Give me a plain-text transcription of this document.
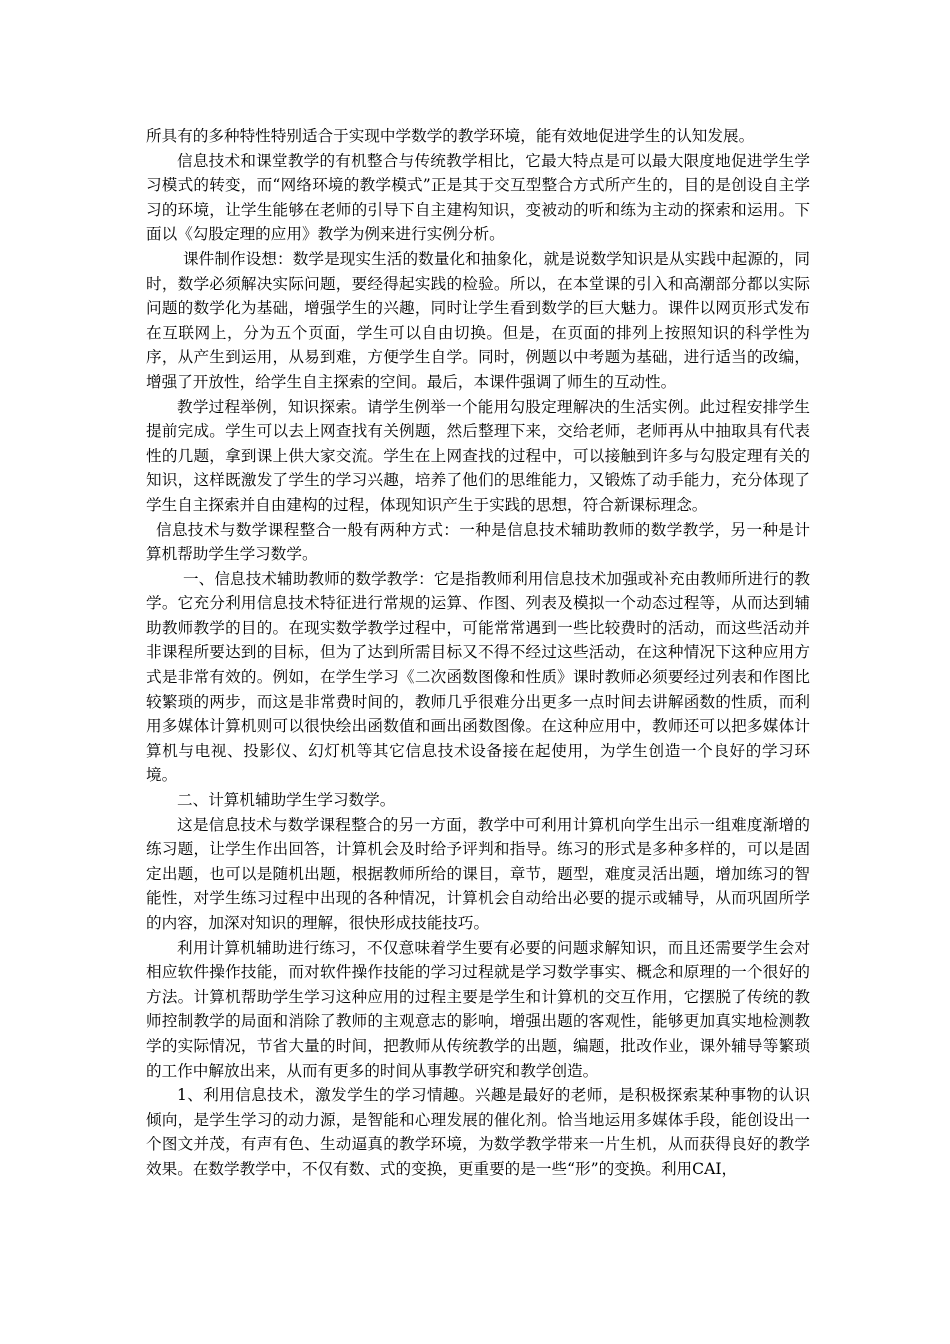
所具有的多种特性特别适合于实现中学数学的教学环境，能有效地促进学生的认知发展。

信息技术和课堂教学的有机整合与传统教学相比，它最大特点是可以最大限度地促进学生学习模式的转变，而“网络环境的教学模式”正是其于交互型整合方式所产生的，目的是创设自主学习的环境，让学生能够在老师的引导下自主建构知识，变被动的听和练为主动的探索和运用。下面以《勾股定理的应用》教学为例来进行实例分析。

课件制作设想：数学是现实生活的数量化和抽象化，就是说数学知识是从实践中起源的，同时，数学必须解决实际问题，要经得起实践的检验。所以，在本堂课的引入和高潮部分都以实际问题的数学化为基础，增强学生的兴趣，同时让学生看到数学的巨大魅力。课件以网页形式发布在互联网上，分为五个页面，学生可以自由切换。但是，在页面的排列上按照知识的科学性为序，从产生到运用，从易到难，方便学生自学。同时，例题以中考题为基础，进行适当的改编，增强了开放性，给学生自主探索的空间。最后，本课件强调了师生的互动性。

教学过程举例，知识探索。请学生例举一个能用勾股定理解决的生活实例。此过程安排学生提前完成。学生可以去上网查找有关例题，然后整理下来，交给老师，老师再从中抽取具有代表性的几题，拿到课上供大家交流。学生在上网查找的过程中，可以接触到许多与勾股定理有关的知识，这样既激发了学生的学习兴趣，培养了他们的思维能力，又锻炼了动手能力，充分体现了学生自主探索并自由建构的过程，体现知识产生于实践的思想，符合新课标理念。

信息技术与数学课程整合一般有两种方式：一种是信息技术辅助教师的数学教学，另一种是计算机帮助学生学习数学。

一、信息技术辅助教师的数学教学：它是指教师利用信息技术加强或补充由教师所进行的教学。它充分利用信息技术特征进行常规的运算、作图、列表及模拟一个动态过程等，从而达到辅助教师教学的目的。在现实数学教学过程中，可能常常遇到一些比较费时的活动，而这些活动并非课程所要达到的目标，但为了达到所需目标又不得不经过这些活动，在这种情况下这种应用方式是非常有效的。例如，在学生学习《二次函数图像和性质》课时教师必须要经过列表和作图比较繁琐的两步，而这是非常费时间的，教师几乎很难分出更多一点时间去讲解函数的性质，而利用多媒体计算机则可以很快绘出函数值和画出函数图像。在这种应用中，教师还可以把多媒体计算机与电视、投影仪、幻灯机等其它信息技术设备接在起使用，为学生创造一个良好的学习环境。

二、计算机辅助学生学习数学。

这是信息技术与数学课程整合的另一方面，教学中可利用计算机向学生出示一组难度渐增的练习题，让学生作出回答，计算机会及时给予评判和指导。练习的形式是多种多样的，可以是固定出题，也可以是随机出题，根据教师所给的课目，章节，题型，难度灵活出题，增加练习的智能性，对学生练习过程中出现的各种情况，计算机会自动给出必要的提示或辅导，从而巩固所学的内容，加深对知识的理解，很快形成技能技巧。

利用计算机辅助进行练习，不仅意味着学生要有必要的问题求解知识，而且还需要学生会对相应软件操作技能，而对软件操作技能的学习过程就是学习数学事实、概念和原理的一个很好的方法。计算机帮助学生学习这种应用的过程主要是学生和计算机的交互作用，它摆脱了传统的教师控制教学的局面和消除了教师的主观意志的影响，增强出题的客观性，能够更加真实地检测教学的实际情况，节省大量的时间，把教师从传统教学的出题，编题，批改作业，课外辅导等繁琐的工作中解放出来，从而有更多的时间从事教学研究和教学创造。

1、利用信息技术，激发学生的学习情趣。兴趣是最好的老师，是积极探索某种事物的认识倾向，是学生学习的动力源，是智能和心理发展的催化剂。恰当地运用多媒体手段，能创设出一个图文并茂，有声有色、生动逼真的教学环境，为数学教学带来一片生机，从而获得良好的教学效果。在数学教学中，不仅有数、式的变换，更重要的是一些“形”的变换。利用CAI，
